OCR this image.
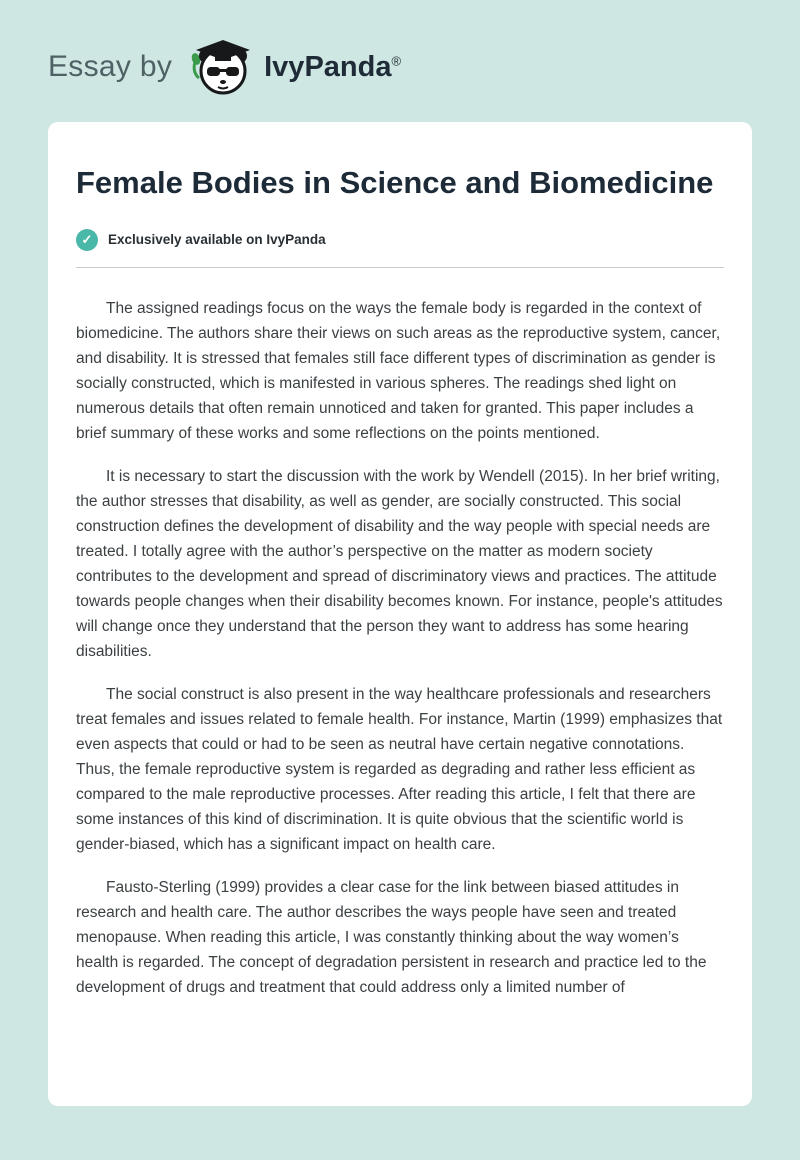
Essay by	IvyPanda®
Female Bodies in Science and Biomedicine
✓	Exclusively available on IvyPanda

The assigned readings focus on the ways the female body is regarded in the context of biomedicine. The authors share their views on such areas as the reproductive system, cancer, and disability. It is stressed that females still face different types of discrimination as gender is socially constructed, which is manifested in various spheres. The readings shed light on numerous details that often remain unnoticed and taken for granted. This paper includes a brief summary of these works and some reflections on the points mentioned.

It is necessary to start the discussion with the work by Wendell (2015). In her brief writing, the author stresses that disability, as well as gender, are socially constructed. This social construction defines the development of disability and the way people with special needs are treated. I totally agree with the author’s perspective on the matter as modern society contributes to the development and spread of discriminatory views and practices. The attitude towards people changes when their disability becomes known. For instance, people's attitudes will change once they understand that the person they want to address has some hearing disabilities.

The social construct is also present in the way healthcare professionals and researchers treat females and issues related to female health. For instance, Martin (1999) emphasizes that even aspects that could or had to be seen as neutral have certain negative connotations. Thus, the female reproductive system is regarded as degrading and rather less efficient as compared to the male reproductive processes. After reading this article, I felt that there are some instances of this kind of discrimination. It is quite obvious that the scientific world is gender-biased, which has a significant impact on health care.

Fausto-Sterling (1999) provides a clear case for the link between biased attitudes in research and health care. The author describes the ways people have seen and treated menopause. When reading this article, I was constantly thinking about the way women’s health is regarded. The concept of degradation persistent in research and practice led to the development of drugs and treatment that could address only a limited number of
